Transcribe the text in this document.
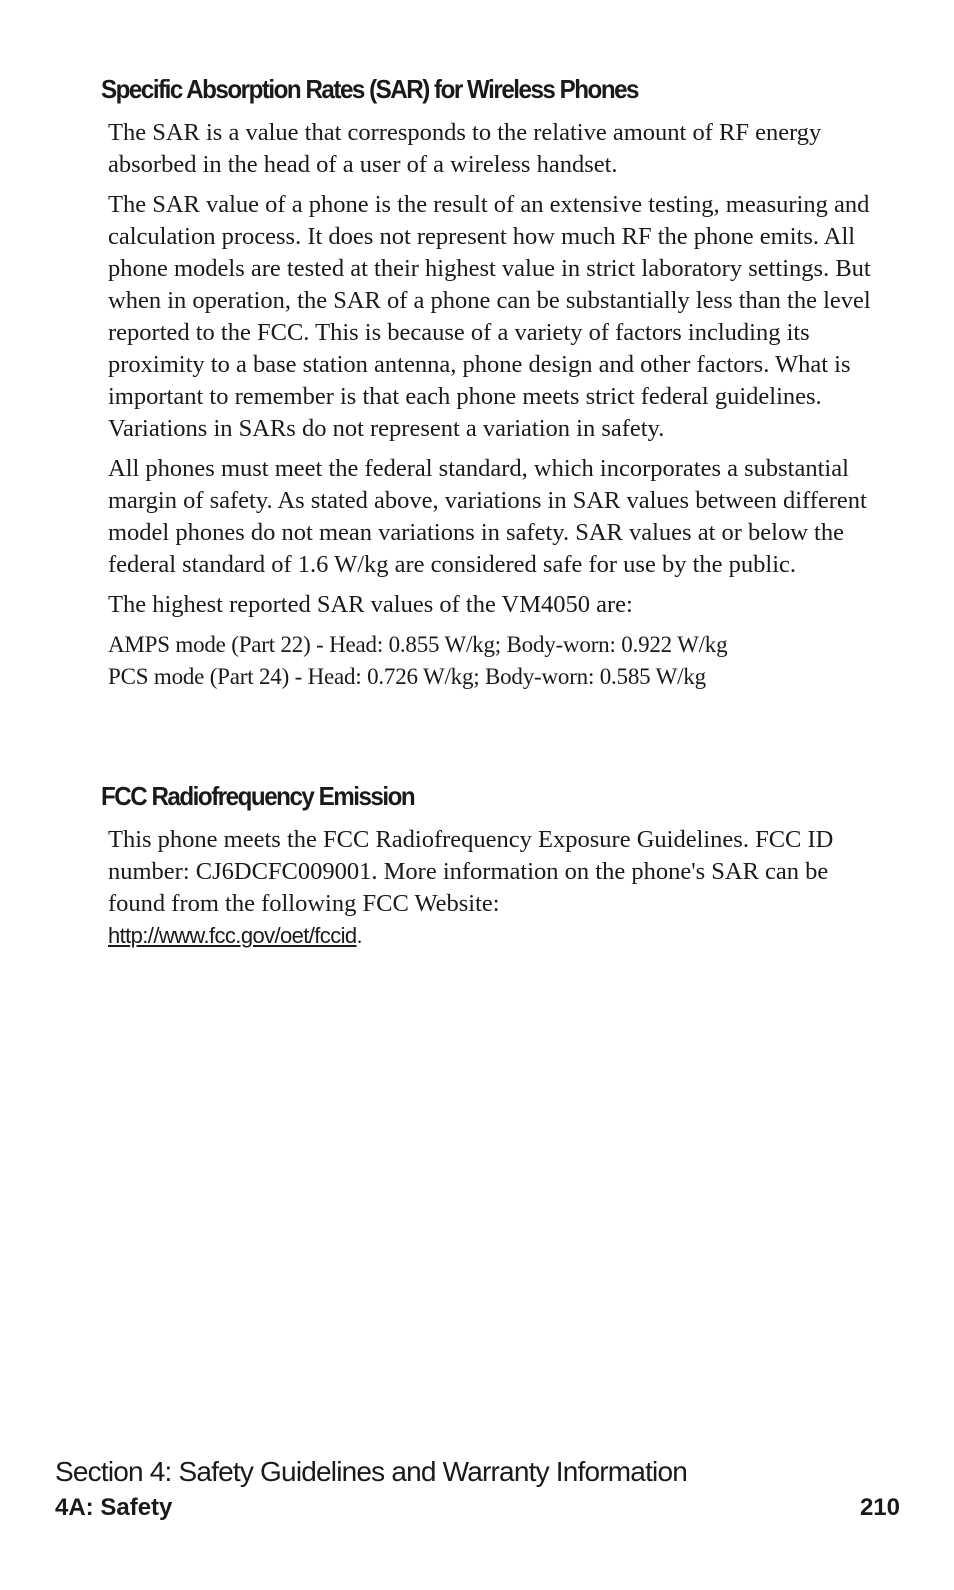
Specific Absorption Rates (SAR) for Wireless Phones

The SAR is a value that corresponds to the relative amount of RF energy absorbed in the head of a user of a wireless handset.

The SAR value of a phone is the result of an extensive testing, measuring and calculation process. It does not represent how much RF the phone emits. All phone models are tested at their highest value in strict laboratory settings. But when in operation, the SAR of a phone can be substantially less than the level reported to the FCC. This is because of a variety of factors including its proximity to a base station antenna, phone design and other factors. What is important to remember is that each phone meets strict federal guidelines. Variations in SARs do not represent a variation in safety.

All phones must meet the federal standard, which incorporates a substantial margin of safety. As stated above, variations in SAR values between different model phones do not mean variations in safety. SAR values at or below the federal standard of 1.6 W/kg are considered safe for use by the public.

The highest reported SAR values of the VM4050 are:

AMPS mode (Part 22) - Head: 0.855 W/kg; Body-worn: 0.922 W/kg
PCS mode (Part 24) - Head: 0.726 W/kg; Body-worn: 0.585 W/kg
FCC Radiofrequency Emission

This phone meets the FCC Radiofrequency Exposure Guidelines. FCC ID number: CJ6DCFC009001. More information on the phone's SAR can be found from the following FCC Website:

http://www.fcc.gov/oet/fccid.
Section 4: Safety Guidelines and Warranty Information
4A: Safety	210
